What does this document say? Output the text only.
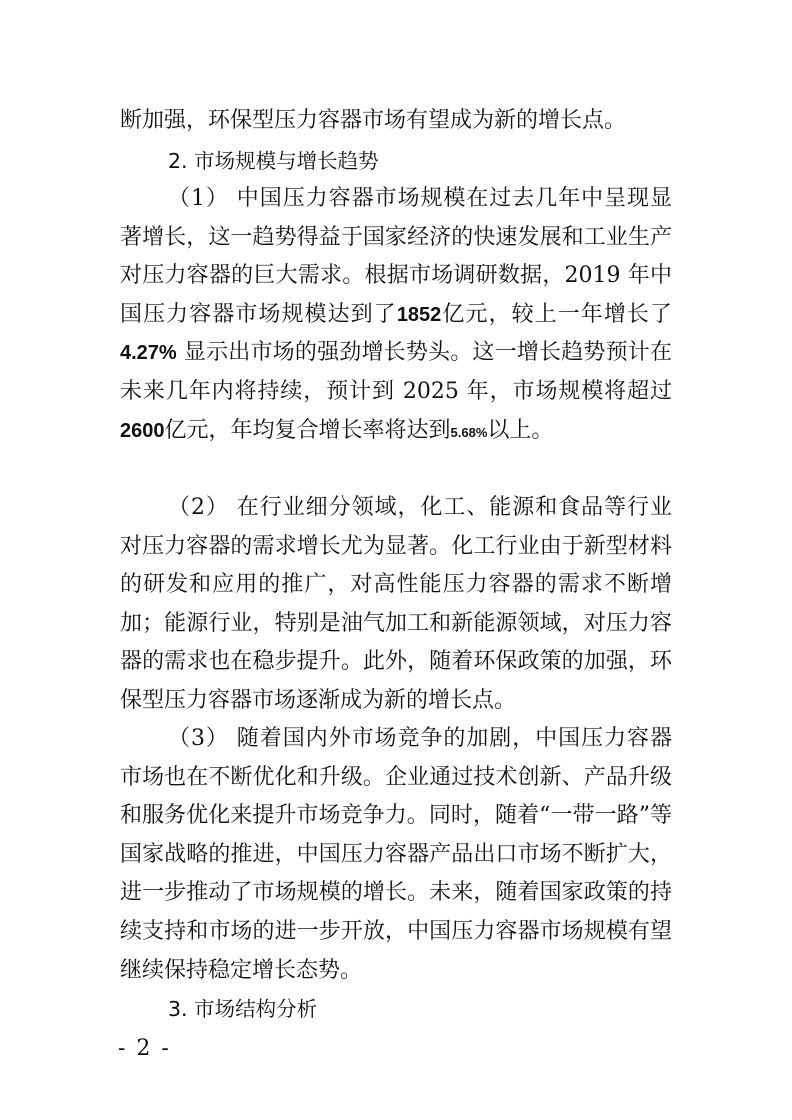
断加强，环保型压力容器市场有望成为新的增长点。

2. 市场规模与增长趋势

（1） 中国压力容器市场规模在过去几年中呈现显著增长，这一趋势得益于国家经济的快速发展和工业生产对压力容器的巨大需求。根据市场调研数据，2019 年中国压力容器市场规模达到了1852亿元，较上一年增长了4.27% 显示出市场的强劲增长势头。这一增长趋势预计在未来几年内将持续，预计到 2025 年，市场规模将超过2600亿元，年均复合增长率将达到5.68%以上。

（2） 在行业细分领域，化工、能源和食品等行业对压力容器的需求增长尤为显著。化工行业由于新型材料的研发和应用的推广，对高性能压力容器的需求不断增加；能源行业，特别是油气加工和新能源领域，对压力容器的需求也在稳步提升。此外，随着环保政策的加强，环保型压力容器市场逐渐成为新的增长点。

（3） 随着国内外市场竞争的加剧，中国压力容器市场也在不断优化和升级。企业通过技术创新、产品升级和服务优化来提升市场竞争力。同时，随着“一带一路”等国家战略的推进，中国压力容器产品出口市场不断扩大，进一步推动了市场规模的增长。未来，随着国家政策的持续支持和市场的进一步开放，中国压力容器市场规模有望继续保持稳定增长态势。

3. 市场结构分析

- 2 -
